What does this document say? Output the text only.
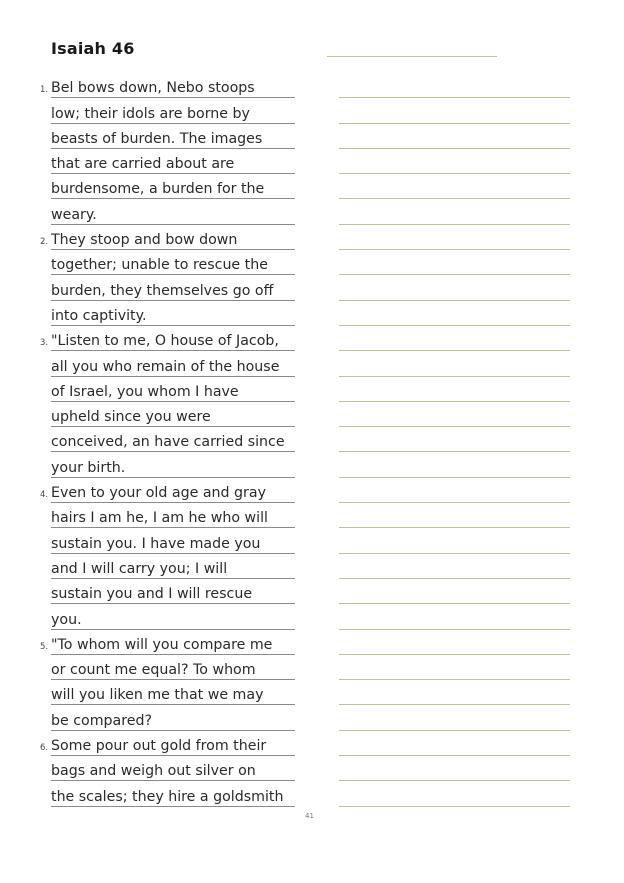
Isaiah 46
1. Bel bows down, Nebo stoops
low; their idols are borne by
beasts of burden. The images
that are carried about are
burdensome, a burden for the
weary.
2. They stoop and bow down
together; unable to rescue the
burden, they themselves go off
into captivity.
3. "Listen to me, O house of Jacob,
all you who remain of the house
of Israel, you whom I have
upheld since you were
conceived, an have carried since
your birth.
4. Even to your old age and gray
hairs I am he, I am he who will
sustain you. I have made you
and I will carry you; I will
sustain you and I will rescue
you.
5. "To whom will you compare me
or count me equal? To whom
will you liken me that we may
be compared?
6. Some pour out gold from their
bags and weigh out silver on
the scales; they hire a goldsmith
41
